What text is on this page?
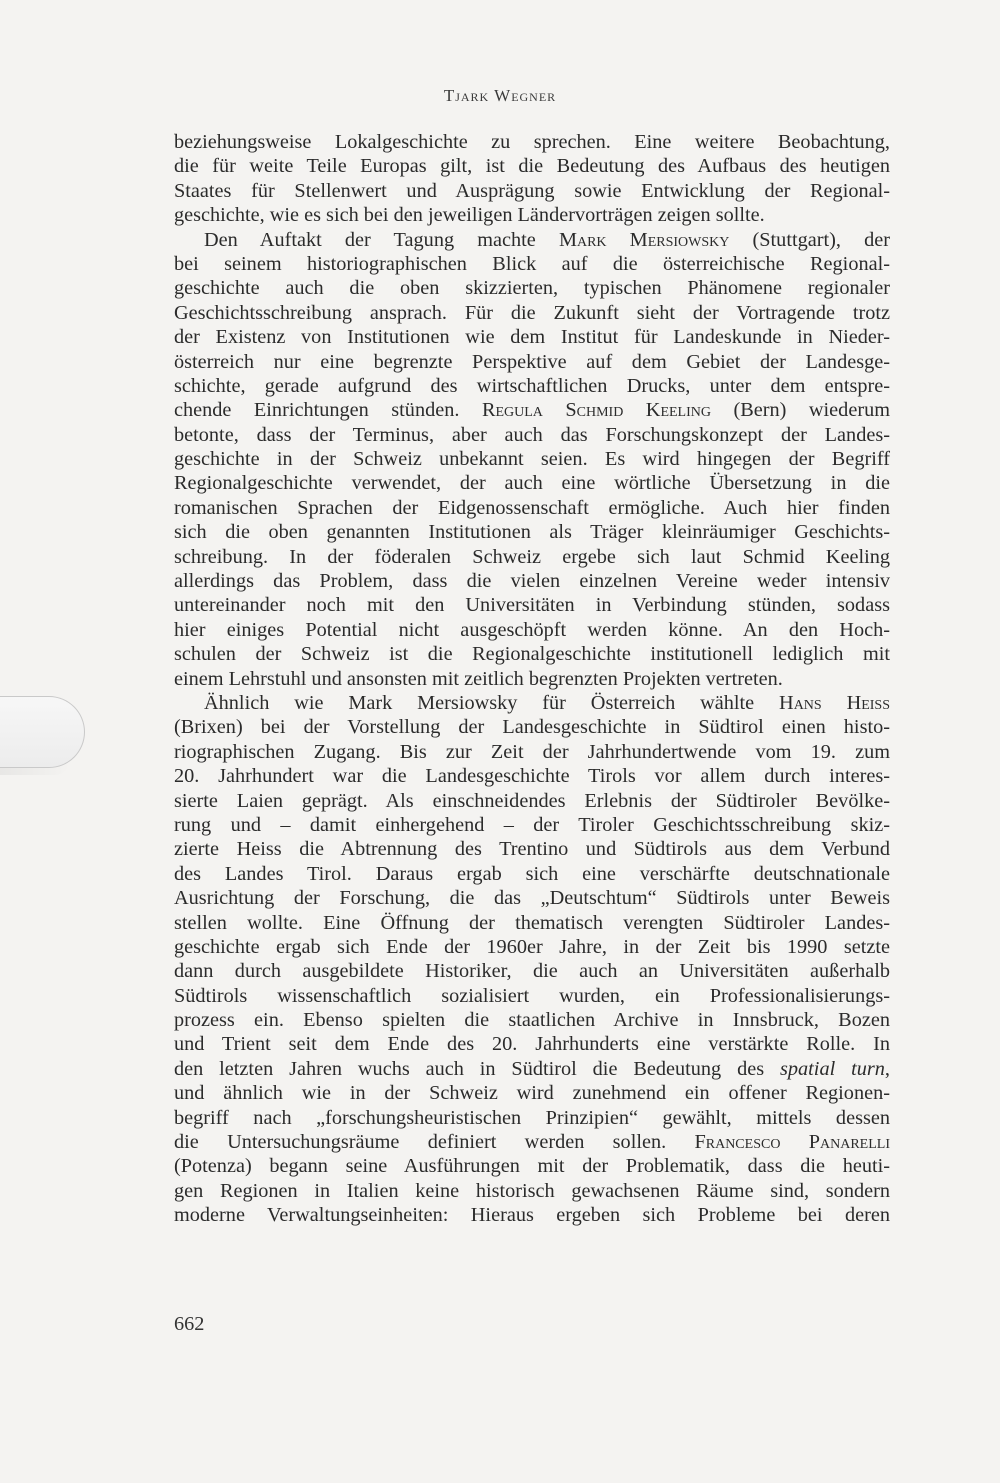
Tjark Wegner
beziehungsweise Lokalgeschichte zu sprechen. Eine weitere Beobachtung,
die für weite Teile Europas gilt, ist die Bedeutung des Aufbaus des heutigen
Staates für Stellenwert und Ausprägung sowie Entwicklung der Regional-
geschichte, wie es sich bei den jeweiligen Ländervorträgen zeigen sollte.
Den Auftakt der Tagung machte Mark Mersiowsky (Stuttgart), der
bei seinem historiographischen Blick auf die österreichische Regional-
geschichte auch die oben skizzierten, typischen Phänomene regionaler
Geschichtsschreibung ansprach. Für die Zukunft sieht der Vortragende trotz
der Existenz von Institutionen wie dem Institut für Landeskunde in Nieder-
österreich nur eine begrenzte Perspektive auf dem Gebiet der Landesge-
schichte, gerade aufgrund des wirtschaftlichen Drucks, unter dem entspre-
chende Einrichtungen stünden. Regula Schmid Keeling (Bern) wiederum
betonte, dass der Terminus, aber auch das Forschungskonzept der Landes-
geschichte in der Schweiz unbekannt seien. Es wird hingegen der Begriff
Regionalgeschichte verwendet, der auch eine wörtliche Übersetzung in die
romanischen Sprachen der Eidgenossenschaft ermögliche. Auch hier finden
sich die oben genannten Institutionen als Träger kleinräumiger Geschichts-
schreibung. In der föderalen Schweiz ergebe sich laut Schmid Keeling
allerdings das Problem, dass die vielen einzelnen Vereine weder intensiv
untereinander noch mit den Universitäten in Verbindung stünden, sodass
hier einiges Potential nicht ausgeschöpft werden könne. An den Hoch-
schulen der Schweiz ist die Regionalgeschichte institutionell lediglich mit
einem Lehrstuhl und ansonsten mit zeitlich begrenzten Projekten vertreten.
Ähnlich wie Mark Mersiowsky für Österreich wählte Hans Heiss
(Brixen) bei der Vorstellung der Landesgeschichte in Südtirol einen histo-
riographischen Zugang. Bis zur Zeit der Jahrhundertwende vom 19. zum
20. Jahrhundert war die Landesgeschichte Tirols vor allem durch interes-
sierte Laien geprägt. Als einschneidendes Erlebnis der Südtiroler Bevölke-
rung und – damit einhergehend – der Tiroler Geschichtsschreibung skiz-
zierte Heiss die Abtrennung des Trentino und Südtirols aus dem Verbund
des Landes Tirol. Daraus ergab sich eine verschärfte deutschnationale
Ausrichtung der Forschung, die das „Deutschtum“ Südtirols unter Beweis
stellen wollte. Eine Öffnung der thematisch verengten Südtiroler Landes-
geschichte ergab sich Ende der 1960er Jahre, in der Zeit bis 1990 setzte
dann durch ausgebildete Historiker, die auch an Universitäten außerhalb
Südtirols wissenschaftlich sozialisiert wurden, ein Professionalisierungs-
prozess ein. Ebenso spielten die staatlichen Archive in Innsbruck, Bozen
und Trient seit dem Ende des 20. Jahrhunderts eine verstärkte Rolle. In
den letzten Jahren wuchs auch in Südtirol die Bedeutung des spatial turn,
und ähnlich wie in der Schweiz wird zunehmend ein offener Regionen-
begriff nach „forschungsheuristischen Prinzipien“ gewählt, mittels dessen
die Untersuchungsräume definiert werden sollen. Francesco Panarelli
(Potenza) begann seine Ausführungen mit der Problematik, dass die heuti-
gen Regionen in Italien keine historisch gewachsenen Räume sind, sondern
moderne Verwaltungseinheiten: Hieraus ergeben sich Probleme bei deren
662
